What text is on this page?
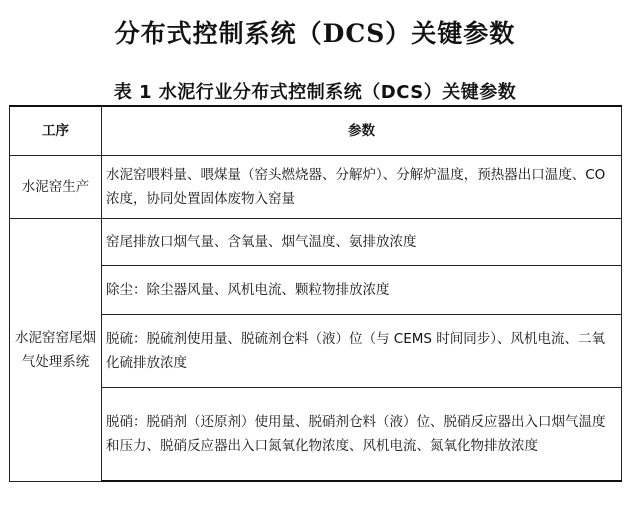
分布式控制系统（DCS）关键参数
表 1 水泥行业分布式控制系统（DCS）关键参数
工序	参数
水泥窑生产	水泥窑喂料量、喂煤量（窑头燃烧器、分解炉）、分解炉温度，预热器出口温度、CO 浓度，协同处置固体废物入窑量
水泥窑窑尾烟气处理系统	窑尾排放口烟气量、含氧量、烟气温度、氨排放浓度
	除尘：除尘器风量、风机电流、颗粒物排放浓度
	脱硫：脱硫剂使用量、脱硫剂仓料（液）位（与 CEMS 时间同步）、风机电流、二氧化硫排放浓度
	脱硝：脱硝剂（还原剂）使用量、脱硝剂仓料（液）位、脱硝反应器出入口烟气温度和压力、脱硝反应器出入口氮氧化物浓度、风机电流、氮氧化物排放浓度
